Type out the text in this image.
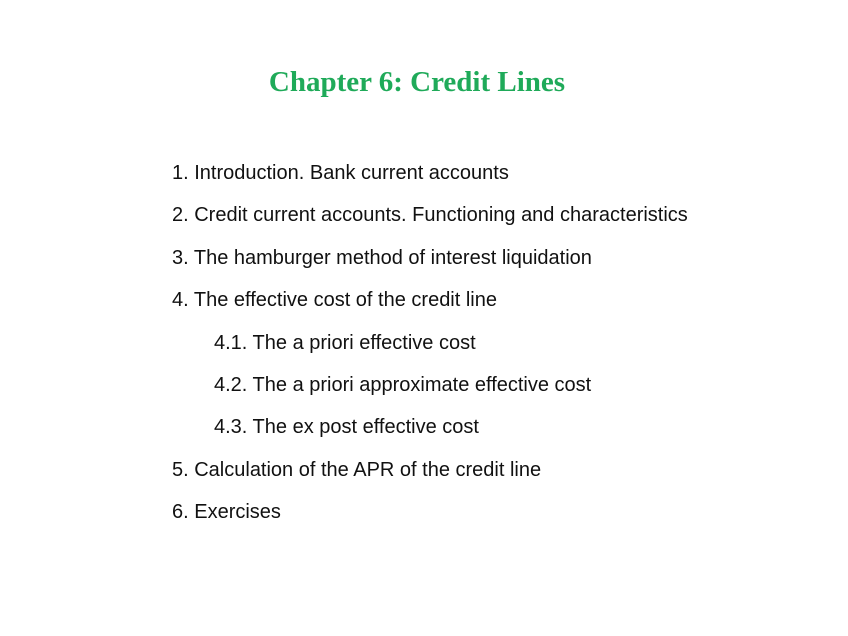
Chapter 6: Credit Lines
1. Introduction. Bank current accounts
2. Credit current accounts. Functioning and characteristics
3. The hamburger method of interest liquidation
4. The effective cost of the credit line
4.1. The a priori effective cost
4.2. The a priori approximate effective cost
4.3. The ex post effective cost
5. Calculation of the APR of the credit line
6. Exercises
